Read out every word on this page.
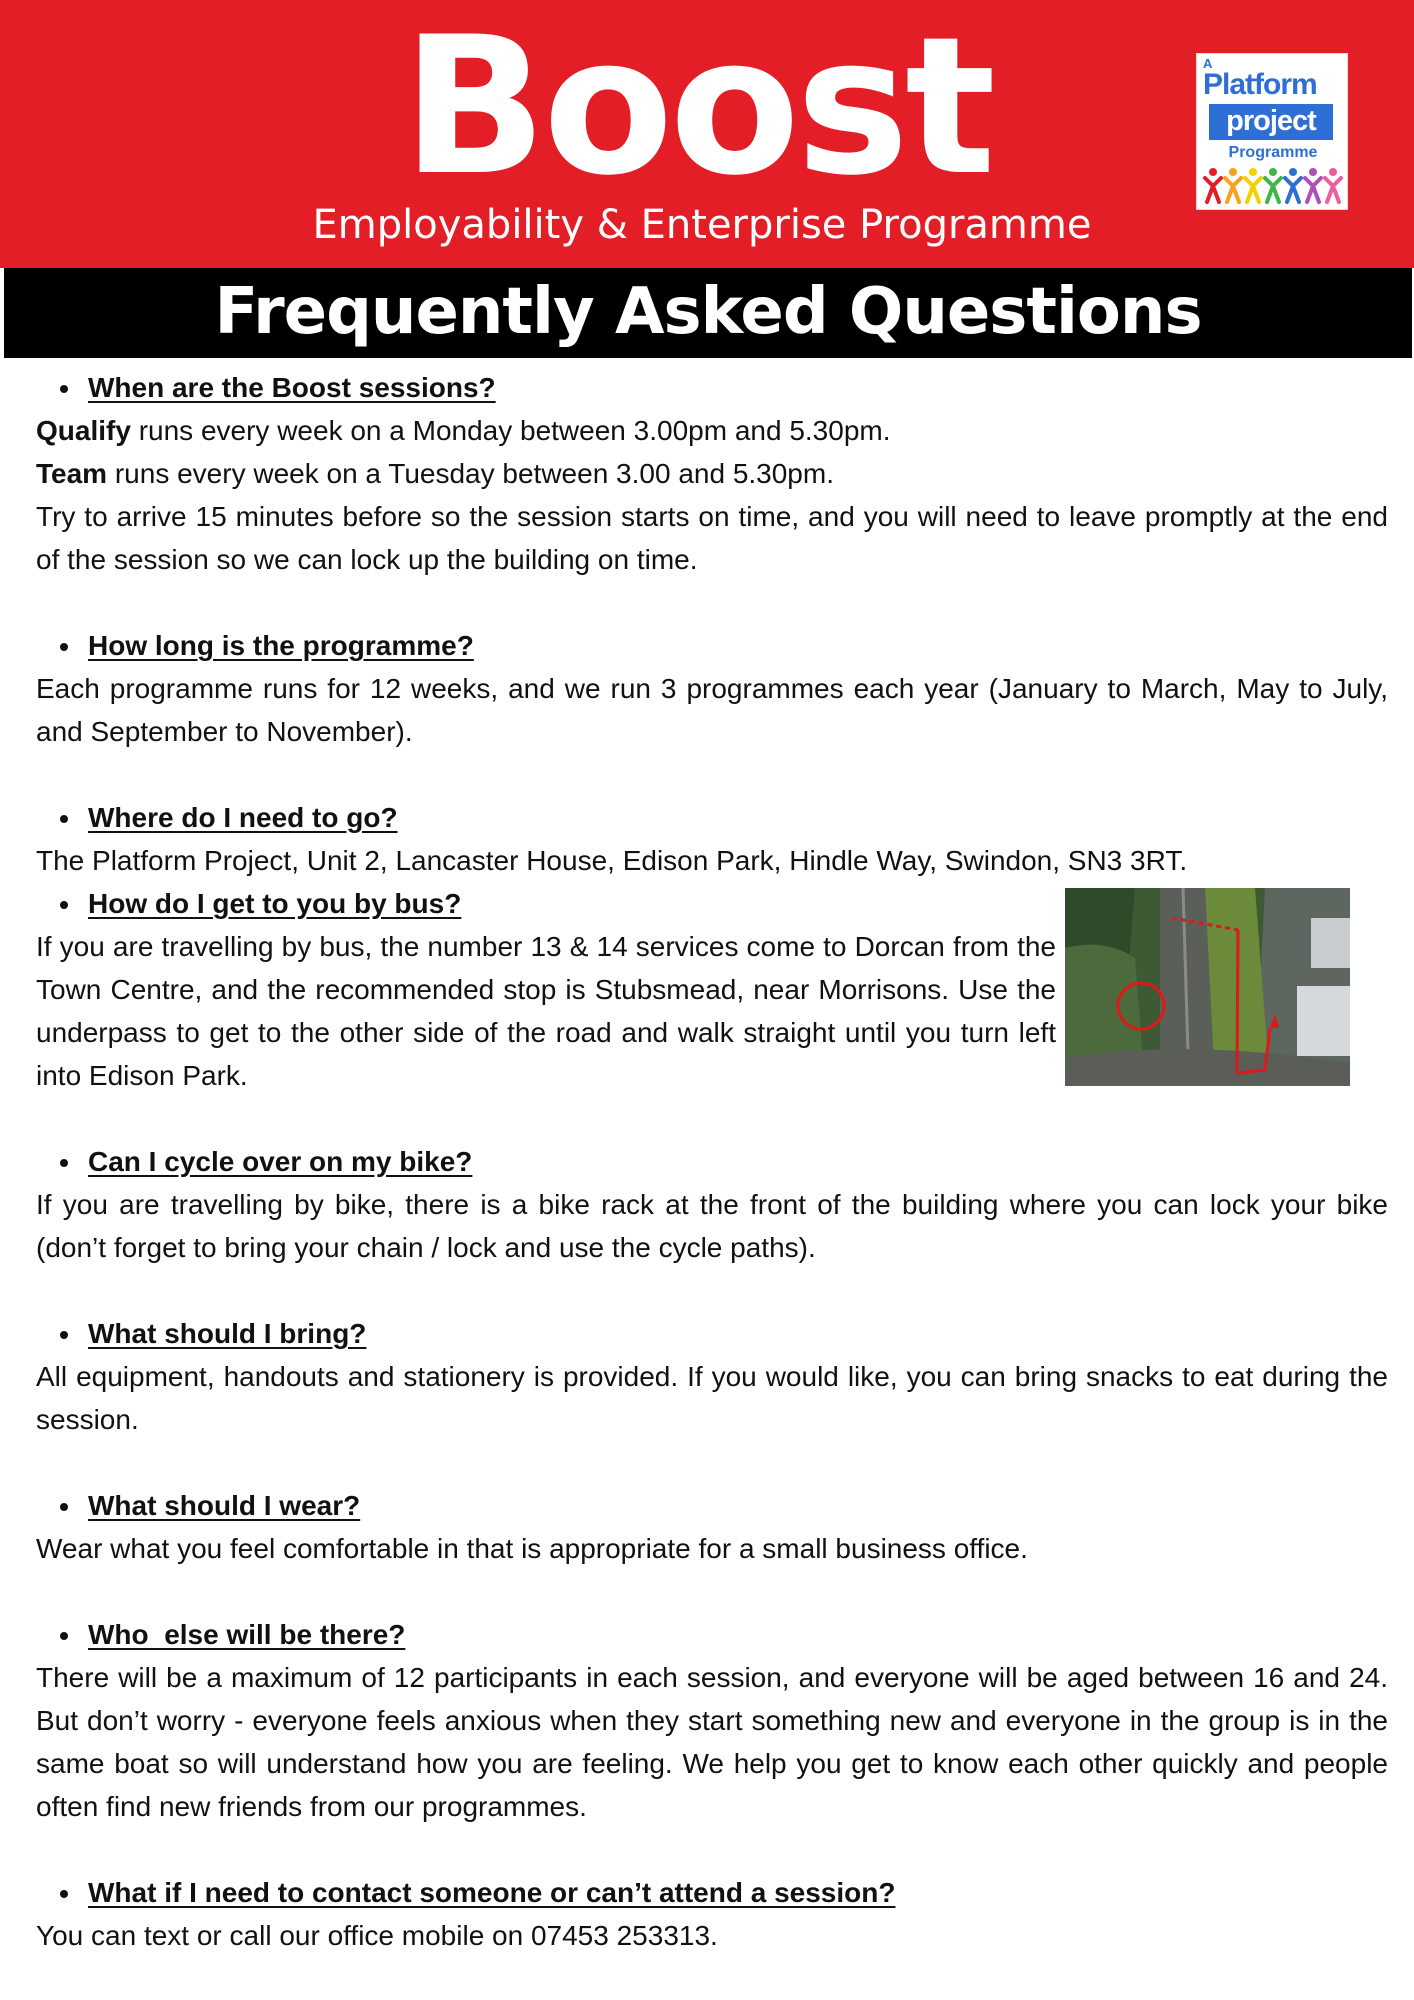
Boost
Employability & Enterprise Programme
A
Platform
project
Programme
Frequently Asked Questions
When are the Boost sessions?
Qualify runs every week on a Monday between 3.00pm and 5.30pm.
Team runs every week on a Tuesday between 3.00 and 5.30pm.
Try to arrive 15 minutes before so the session starts on time, and you will need to leave promptly at the end of the session so we can lock up the building on time.
How long is the programme?
Each programme runs for 12 weeks, and we run 3 programmes each year (January to March, May to July, and September to November).
Where do I need to go?
The Platform Project, Unit 2, Lancaster House, Edison Park, Hindle Way, Swindon, SN3 3RT.
How do I get to you by bus?
If you are travelling by bus, the number 13 & 14 services come to Dorcan from the Town Centre, and the recommended stop is Stubsmead, near Morrisons. Use the underpass to get to the other side of the road and walk straight until you turn left into Edison Park.
Can I cycle over on my bike?
If you are travelling by bike, there is a bike rack at the front of the building where you can lock your bike (don’t forget to bring your chain / lock and use the cycle paths).
What should I bring?
All equipment, handouts and stationery is provided. If you would like, you can bring snacks to eat during the session.
What should I wear?
Wear what you feel comfortable in that is appropriate for a small business office.
Who  else will be there?
There will be a maximum of 12 participants in each session, and everyone will be aged between 16 and 24. But don’t worry - everyone feels anxious when they start something new and everyone in the group is in the same boat so will understand how you are feeling. We help you get to know each other quickly and people often find new friends from our programmes.
What if I need to contact someone or can’t attend a session?
You can text or call our office mobile on 07453 253313.
